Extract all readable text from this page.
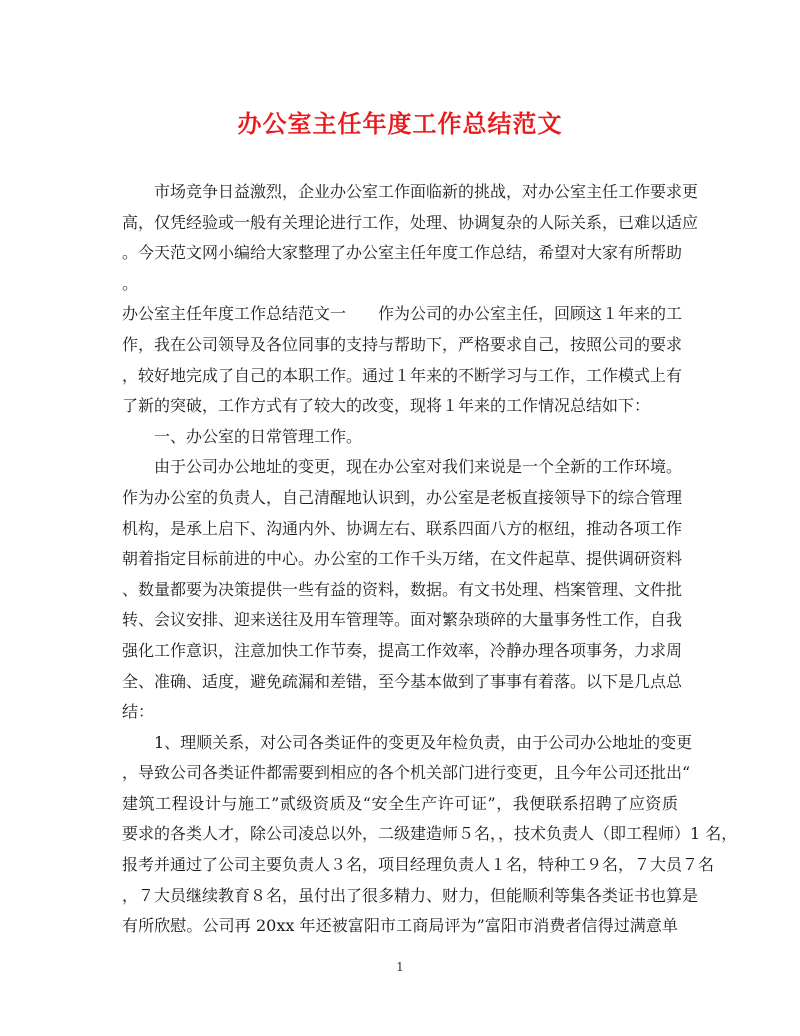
办公室主任年度工作总结范文
市场竞争日益激烈，企业办公室工作面临新的挑战，对办公室主任工作要求更
高，仅凭经验或一般有关理论进行工作，处理、协调复杂的人际关系，已难以适应
。今天范文网小编给大家整理了办公室主任年度工作总结，希望对大家有所帮助
。
办公室主任年度工作总结范文一　　作为公司的办公室主任，回顾这１年来的工
作，我在公司领导及各位同事的支持与帮助下，严格要求自己，按照公司的要求
，较好地完成了自己的本职工作。通过１年来的不断学习与工作，工作模式上有
了新的突破，工作方式有了较大的改变，现将１年来的工作情况总结如下：
一、办公室的日常管理工作。
由于公司办公地址的变更，现在办公室对我们来说是一个全新的工作环境。
作为办公室的负责人，自己清醒地认识到，办公室是老板直接领导下的综合管理
机构，是承上启下、沟通内外、协调左右、联系四面八方的枢纽，推动各项工作
朝着指定目标前进的中心。办公室的工作千头万绪，在文件起草、提供调研资料
、数量都要为决策提供一些有益的资料，数据。有文书处理、档案管理、文件批
转、会议安排、迎来送往及用车管理等。面对繁杂琐碎的大量事务性工作，自我
强化工作意识，注意加快工作节奏，提高工作效率，冷静办理各项事务，力求周
全、准确、适度，避免疏漏和差错，至今基本做到了事事有着落。以下是几点总
结：
1、理顺关系，对公司各类证件的变更及年检负责，由于公司办公地址的变更
，导致公司各类证件都需要到相应的各个机关部门进行变更，且今年公司还批出“
建筑工程设计与施工”贰级资质及“安全生产许可证”，我便联系招聘了应资质
要求的各类人才，除公司凌总以外，二级建造师５名，，技术负责人（即工程师）1 名，
报考并通过了公司主要负责人３名，项目经理负责人１名，特种工９名，７大员７名
，７大员继续教育８名，虽付出了很多精力、财力，但能顺利等集各类证书也算是
有所欣慰。公司再 20xx 年还被富阳市工商局评为”富阳市消费者信得过满意单
1
